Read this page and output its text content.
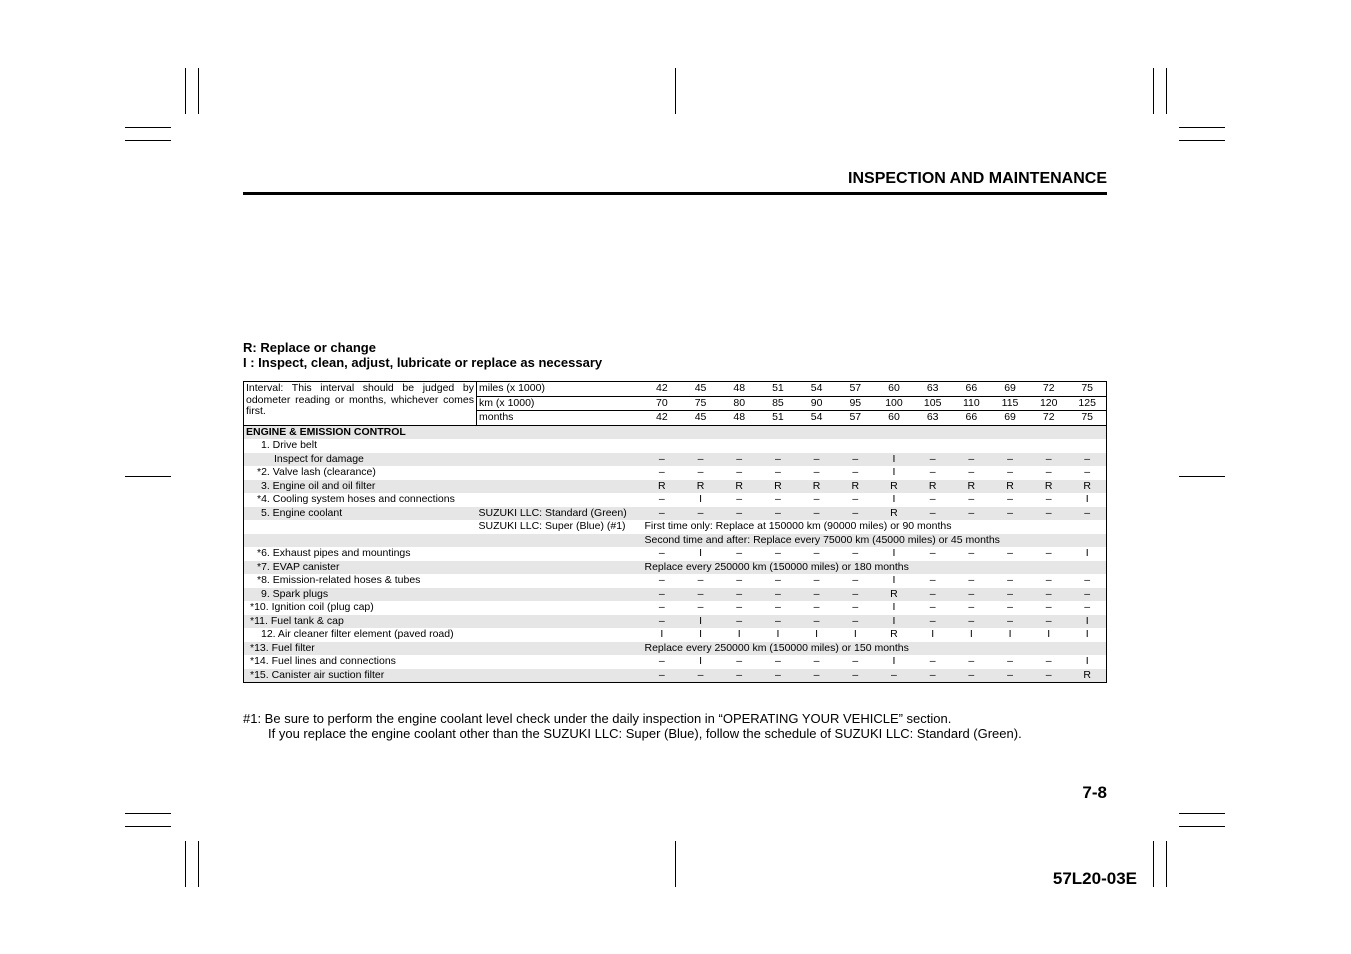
INSPECTION AND MAINTENANCE
R: Replace or change
I : Inspect, clean, adjust, lubricate or replace as necessary
Interval: This interval should be judged by odometer reading or months, whichever comes first.	miles (x 1000)	42	45	48	51	54	57	60	63	66	69	72	75
	km (x 1000)	70	75	80	85	90	95	100	105	110	115	120	125
	months	42	45	48	51	54	57	60	63	66	69	72	75
ENGINE & EMISSION CONTROL													
1. Drive belt													
Inspect for damage		–	–	–	–	–	–	I	–	–	–	–	–
*2. Valve lash (clearance)		–	–	–	–	–	–	I	–	–	–	–	–
3. Engine oil and oil filter		R	R	R	R	R	R	R	R	R	R	R	R
*4. Cooling system hoses and connections		–	I	–	–	–	–	I	–	–	–	–	I
5. Engine coolant	SUZUKI LLC: Standard (Green)	–	–	–	–	–	–	R	–	–	–	–	–
	SUZUKI LLC: Super (Blue) (#1)	First time only: Replace at 150000 km (90000 miles) or 90 months											
		Second time and after: Replace every 75000 km (45000 miles) or 45 months											
*6. Exhaust pipes and mountings		–	I	–	–	–	–	I	–	–	–	–	I
*7. EVAP canister		Replace every 250000 km (150000 miles) or 180 months											
*8. Emission-related hoses & tubes		–	–	–	–	–	–	I	–	–	–	–	–
9. Spark plugs		–	–	–	–	–	–	R	–	–	–	–	–
*10. Ignition coil (plug cap)		–	–	–	–	–	–	I	–	–	–	–	–
*11. Fuel tank & cap		–	I	–	–	–	–	I	–	–	–	–	I
12. Air cleaner filter element (paved road)		I	I	I	I	I	I	R	I	I	I	I	I
*13. Fuel filter		Replace every 250000 km (150000 miles) or 150 months											
*14. Fuel lines and connections		–	I	–	–	–	–	I	–	–	–	–	I
*15. Canister air suction filter		–	–	–	–	–	–	–	–	–	–	–	R
#1: Be sure to perform the engine coolant level check under the daily inspection in “OPERATING YOUR VEHICLE” section.
If you replace the engine coolant other than the SUZUKI LLC: Super (Blue), follow the schedule of SUZUKI LLC: Standard (Green).
7-8
57L20-03E
